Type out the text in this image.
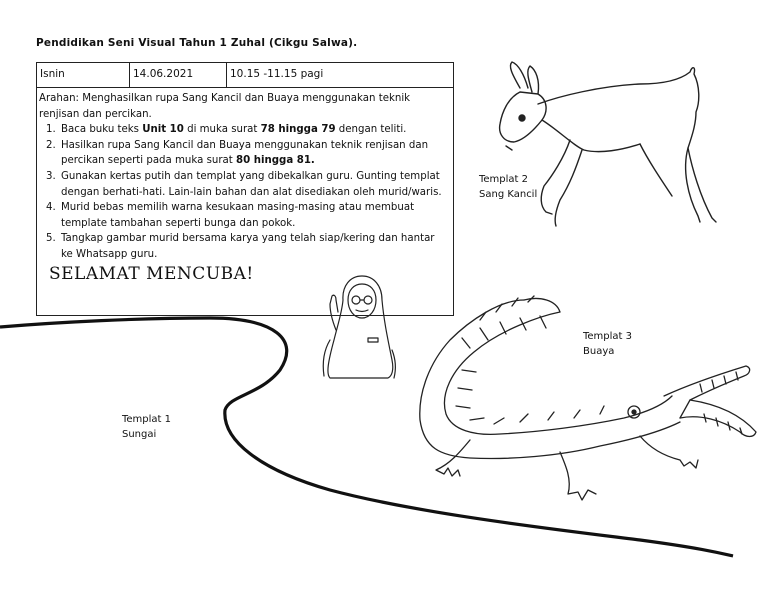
Pendidikan Seni Visual Tahun 1 Zuhal (Cikgu Salwa).
Isnin	14.06.2021	10.15 -11.15 pagi
Arahan: Menghasilkan rupa Sang Kancil dan Buaya menggunakan teknik renjisan dan percikan.
1. Baca buku teks Unit 10 di muka surat 78 hingga 79 dengan teliti.
2. Hasilkan rupa Sang Kancil dan Buaya menggunakan teknik renjisan dan percikan seperti pada muka surat 80 hingga 81.
3. Gunakan kertas putih dan templat yang dibekalkan guru. Gunting templat dengan berhati-hati. Lain-lain bahan dan alat disediakan oleh murid/waris.
4. Murid bebas memilih warna kesukaan masing-masing atau membuat template tambahan seperti bunga dan pokok.
5. Tangkap gambar murid bersama karya yang telah siap/kering dan hantar ke Whatsapp guru.
SELAMAT MENCUBA!
Templat 2
Sang Kancil
Templat 3
Buaya
Templat 1
Sungai
